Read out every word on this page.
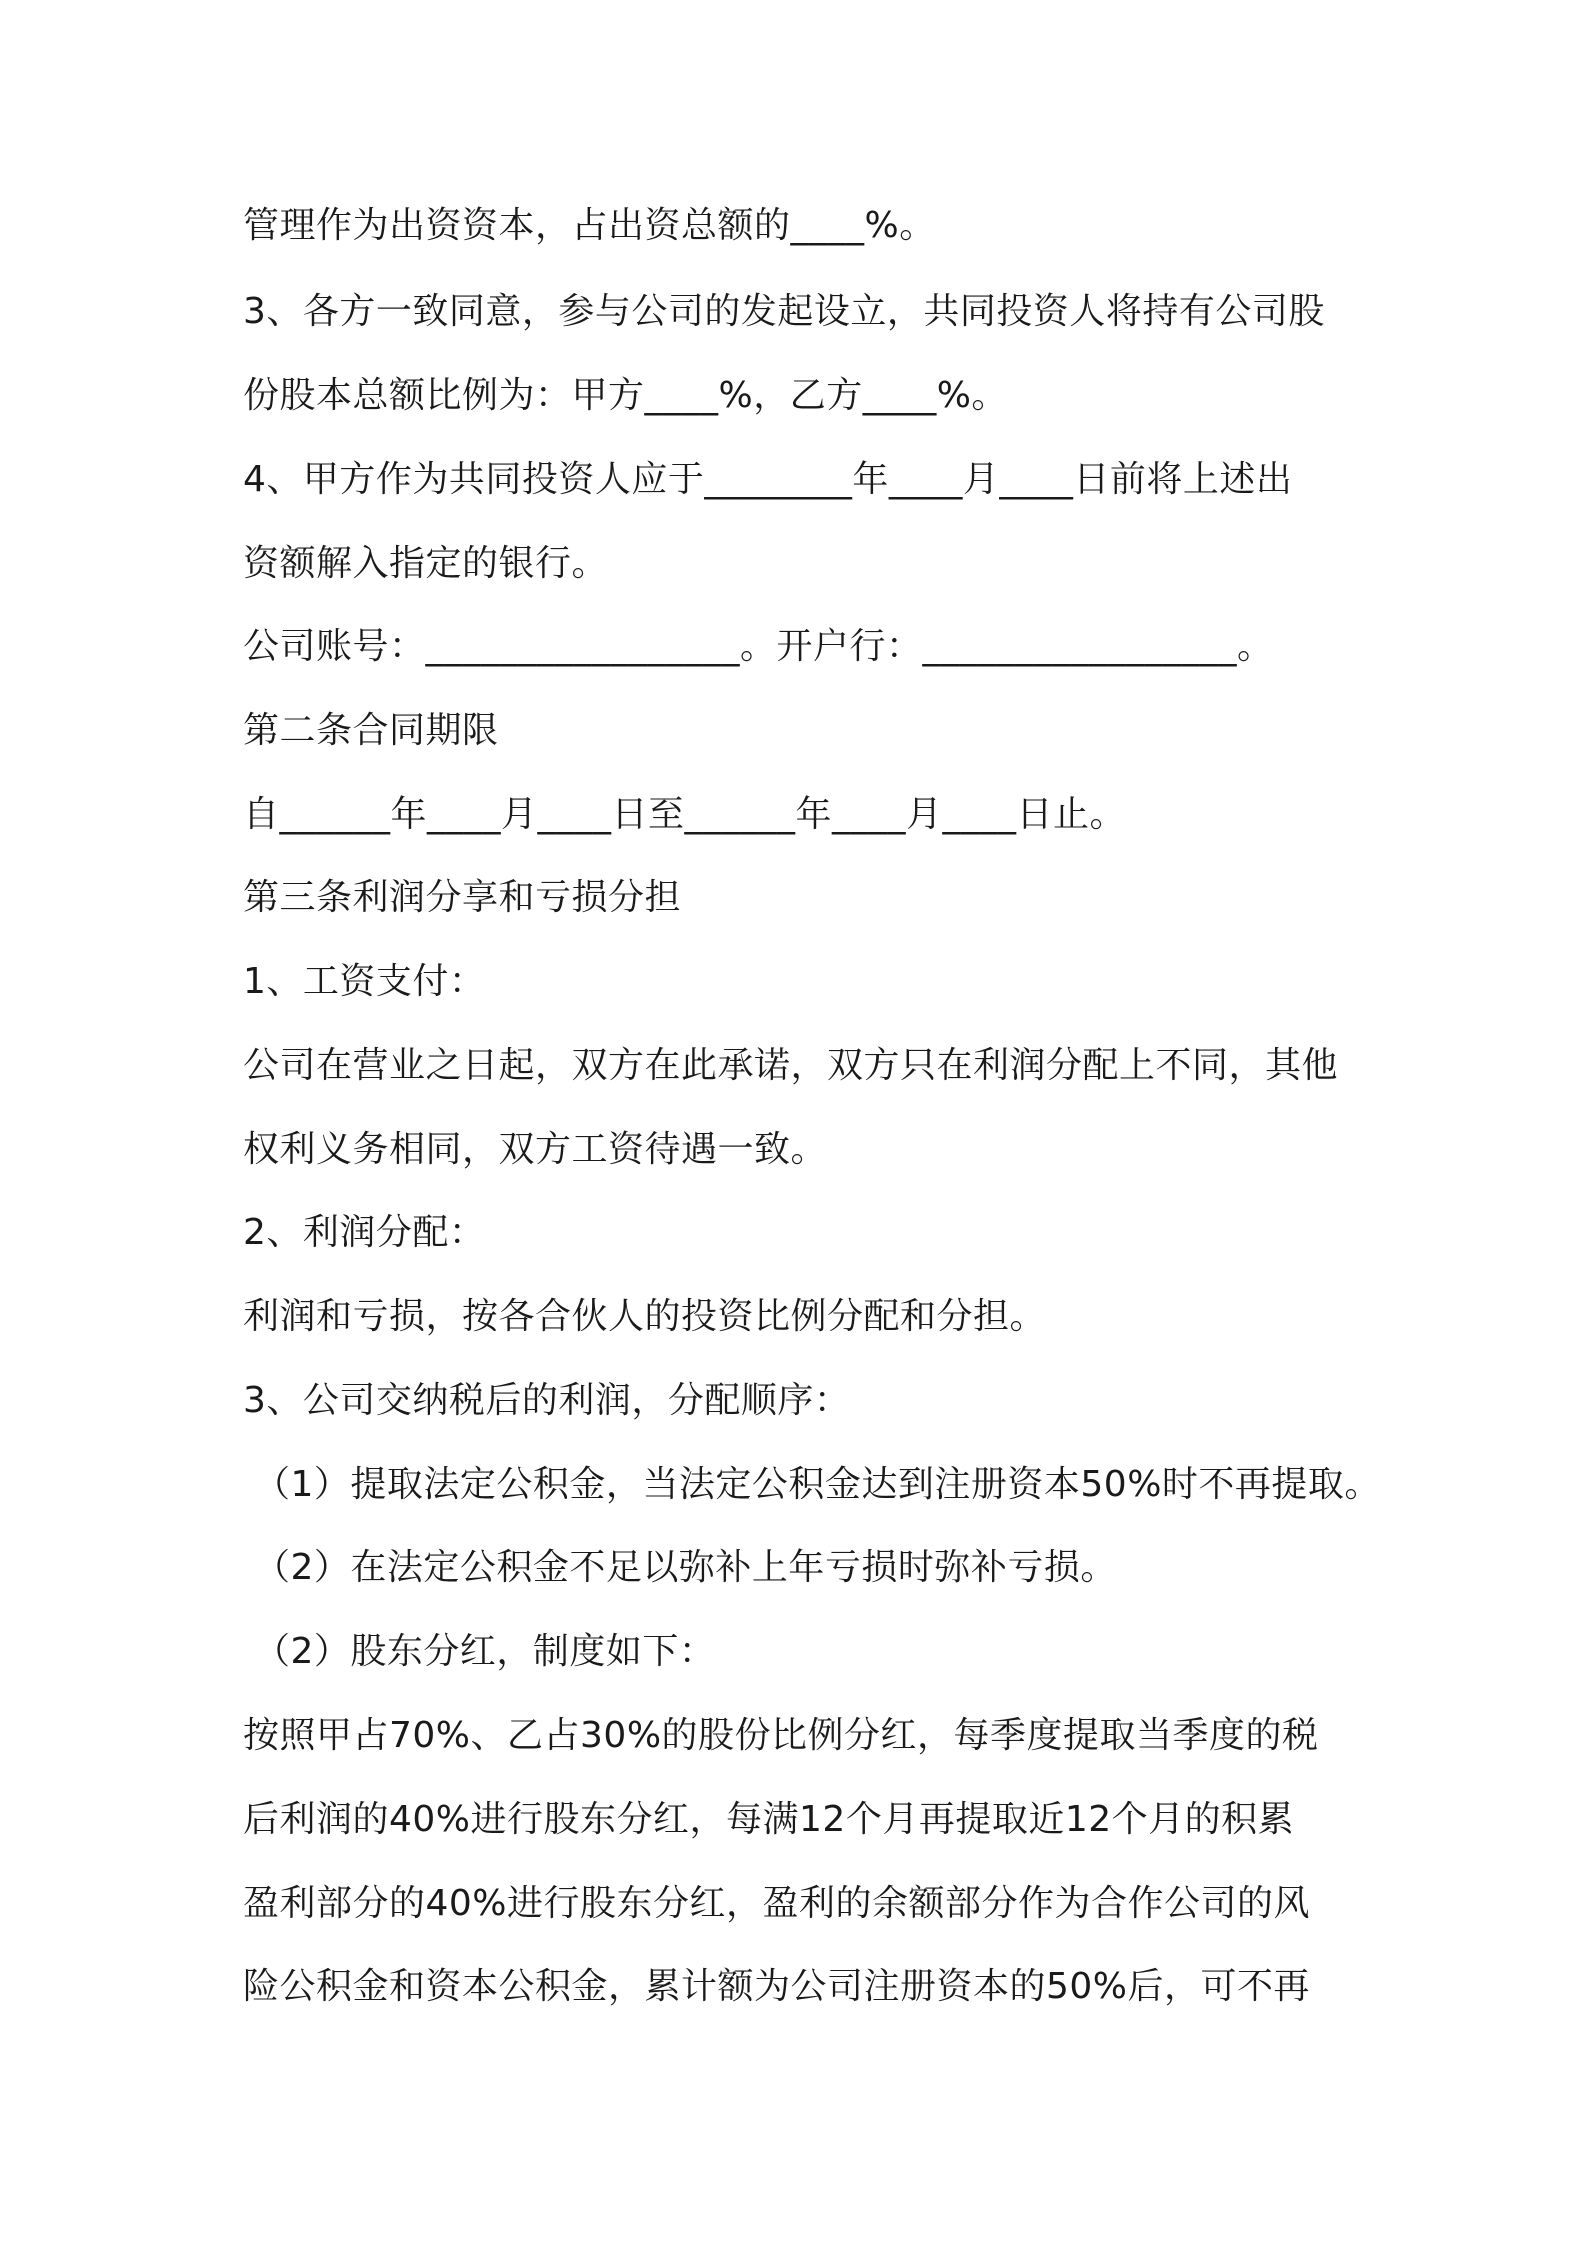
管理作为出资资本，占出资总额的____%。
3、各方一致同意，参与公司的发起设立，共同投资人将持有公司股
份股本总额比例为：甲方____%，乙方____%。
4、甲方作为共同投资人应于________年____月____日前将上述出
资额解入指定的银行。
公司账号：_________________。开户行：_________________。
第二条合同期限
自______年____月____日至______年____月____日止。
第三条利润分享和亏损分担
1、工资支付：
公司在营业之日起，双方在此承诺，双方只在利润分配上不同，其他
权利义务相同，双方工资待遇一致。
2、利润分配：
利润和亏损，按各合伙人的投资比例分配和分担。
3、公司交纳税后的利润，分配顺序：
（1）提取法定公积金，当法定公积金达到注册资本50%时不再提取。
（2）在法定公积金不足以弥补上年亏损时弥补亏损。
（2）股东分红，制度如下：
按照甲占70%、乙占30%的股份比例分红，每季度提取当季度的税
后利润的40%进行股东分红，每满12个月再提取近12个月的积累
盈利部分的40%进行股东分红，盈利的余额部分作为合作公司的风
险公积金和资本公积金，累计额为公司注册资本的50%后，可不再
